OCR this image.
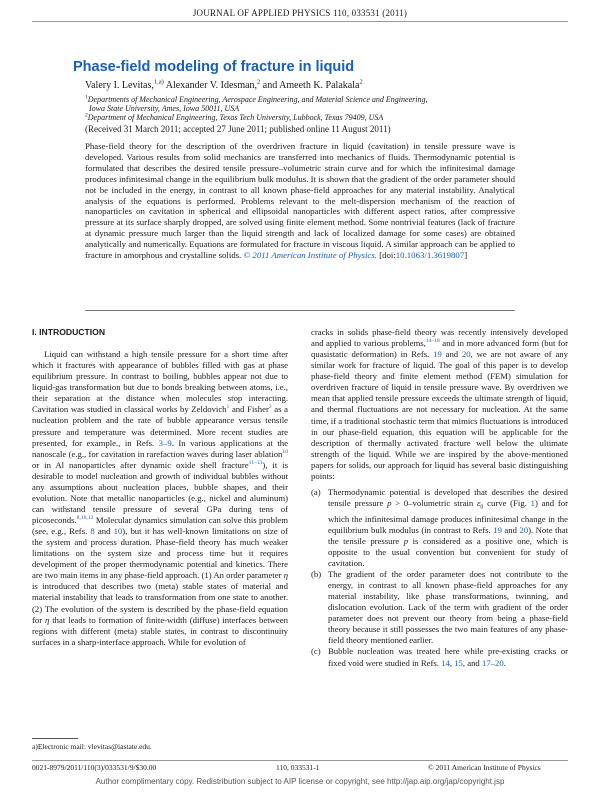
JOURNAL OF APPLIED PHYSICS 110, 033531 (2011)
Phase-field modeling of fracture in liquid
Valery I. Levitas,$^{1,a)}$ Alexander V. Idesman,$^2$ and Ameeth K. Palakala$^2$
$^1$Departments of Mechanical Engineering, Aerospace Engineering, and Material Science and Engineering,
Iowa State University, Ames, Iowa 50011, USA
$^2$Department of Mechanical Engineering, Texas Tech University, Lubbock, Texas 79409, USA
(Received 31 March 2011; accepted 27 June 2011; published online 11 August 2011)
Phase-field theory for the description of the overdriven fracture in liquid (cavitation) in tensile pressure wave is developed. Various results from solid mechanics are transferred into mechanics of fluids. Thermodynamic potential is formulated that describes the desired tensile pressure–volumetric strain curve and for which the infinitesimal damage produces infinitesimal change in the equilibrium bulk modulus. It is shown that the gradient of the order parameter should not be included in the energy, in contrast to all known phase-field approaches for any material instability. Analytical analysis of the equations is performed. Problems relevant to the melt-dispersion mechanism of the reaction of nanoparticles on cavitation in spherical and ellipsoidal nanoparticles with different aspect ratios, after compressive pressure at its surface sharply dropped, are solved using finite element method. Some nontrivial features (lack of fracture at dynamic pressure much larger than the liquid strength and lack of localized damage for some cases) are obtained analytically and numerically. Equations are formulated for fracture in viscous liquid. A similar approach can be applied to fracture in amorphous and crystalline solids. © 2011 American Institute of Physics. [doi:10.1063/1.3619807]
I. INTRODUCTION

Liquid can withstand a high tensile pressure for a short time after which it fractures with appearance of bubbles filled with gas at phase equilibrium pressure. In contrast to boiling, bubbles appear not due to liquid-gas transformation but due to bonds breaking between atoms, i.e., their separation at the distance when molecules stop interacting. Cavitation was studied in classical works by Zeldovich$^1$ and Fisher$^2$ as a nucleation problem and the rate of bubble appearance versus tensile pressure and temperature was determined. More recent studies are presented, for example., in Refs. 3–9. In various applications at the nanoscale (e.g., for cavitation in rarefaction waves during laser ablation$^{10}$ or in Al nanoparticles after dynamic oxide shell fracture$^{11-13}$), it is desirable to model nucleation and growth of individual bubbles without any assumptions about nucleation places, bubble shapes, and their evolution. Note that metallic nanoparticles (e.g., nickel and aluminum) can withstand tensile pressure of several GPa during tens of picoseconds.$^{8,10,12}$ Molecular dynamics simulation can solve this problem (see, e.g., Refs. 8 and 10), but it has well-known limitations on size of the system and process duration. Phase-field theory has much weaker limitations on the system size and process time but it requires development of the proper thermodynamic potential and kinetics. There are two main items in any phase-field approach. (1) An order parameter η is introduced that describes two (meta) stable states of material and material instability that leads to transformation from one state to another. (2) The evolution of the system is described by the phase-field equation for η that leads to formation of finite-width (diffuse) interfaces between regions with different (meta) stable states, in contrast to discontinuity surfaces in a sharp-interface approach. While for evolution of

a)Electronic mail: vlevitas@iastate.edu.

cracks in solids phase-field theory was recently intensively developed and applied to various problems,$^{14-18}$ and in more advanced form (but for quasistatic deformation) in Refs. 19 and 20, we are not aware of any similar work for fracture of liquid. The goal of this paper is to develop phase-field theory and finite element method (FEM) simulation for overdriven fracture of liquid in tensile pressure wave. By overdriven we mean that applied tensile pressure exceeds the ultimate strength of liquid, and thermal fluctuations are not necessary for nucleation. At the same time, if a traditional stochastic term that mimics fluctuations is introduced in our phase-field equation, this equation will be applicable for the description of thermally activated fracture well below the ultimate strength of the liquid. While we are inspired by the above-mentioned papers for solids, our approach for liquid has several basic distinguishing points:

(a) Thermodynamic potential is developed that describes the desired tensile pressure p > 0–volumetric strain $\varepsilon_0$ curve (Fig. 1) and for which the infinitesimal damage produces infinitesimal change in the equilibrium bulk modulus (in contrast to Refs. 19 and 20). Note that the tensile pressure p is considered as a positive one, which is opposite to the usual convention but convenient for study of cavitation.
(b) The gradient of the order parameter does not contribute to the energy, in contrast to all known phase-field approaches for any material instability, like phase transformations, twinning, and dislocation evolution. Lack of the term with gradient of the order parameter does not prevent our theory from being a phase-field theory because it still possesses the two main features of any phase-field theory mentioned earlier.
(c) Bubble nucleation was treated here while pre-existing cracks or fixed void were studied in Refs. 14, 15, and 17–20.
0021-8979/2011/110(3)/033531/9/$30.00	110, 033531-1	© 2011 American Institute of Physics
Author complimentary copy. Redistribution subject to AIP license or copyright, see http://jap.aip.org/jap/copyright.jsp
